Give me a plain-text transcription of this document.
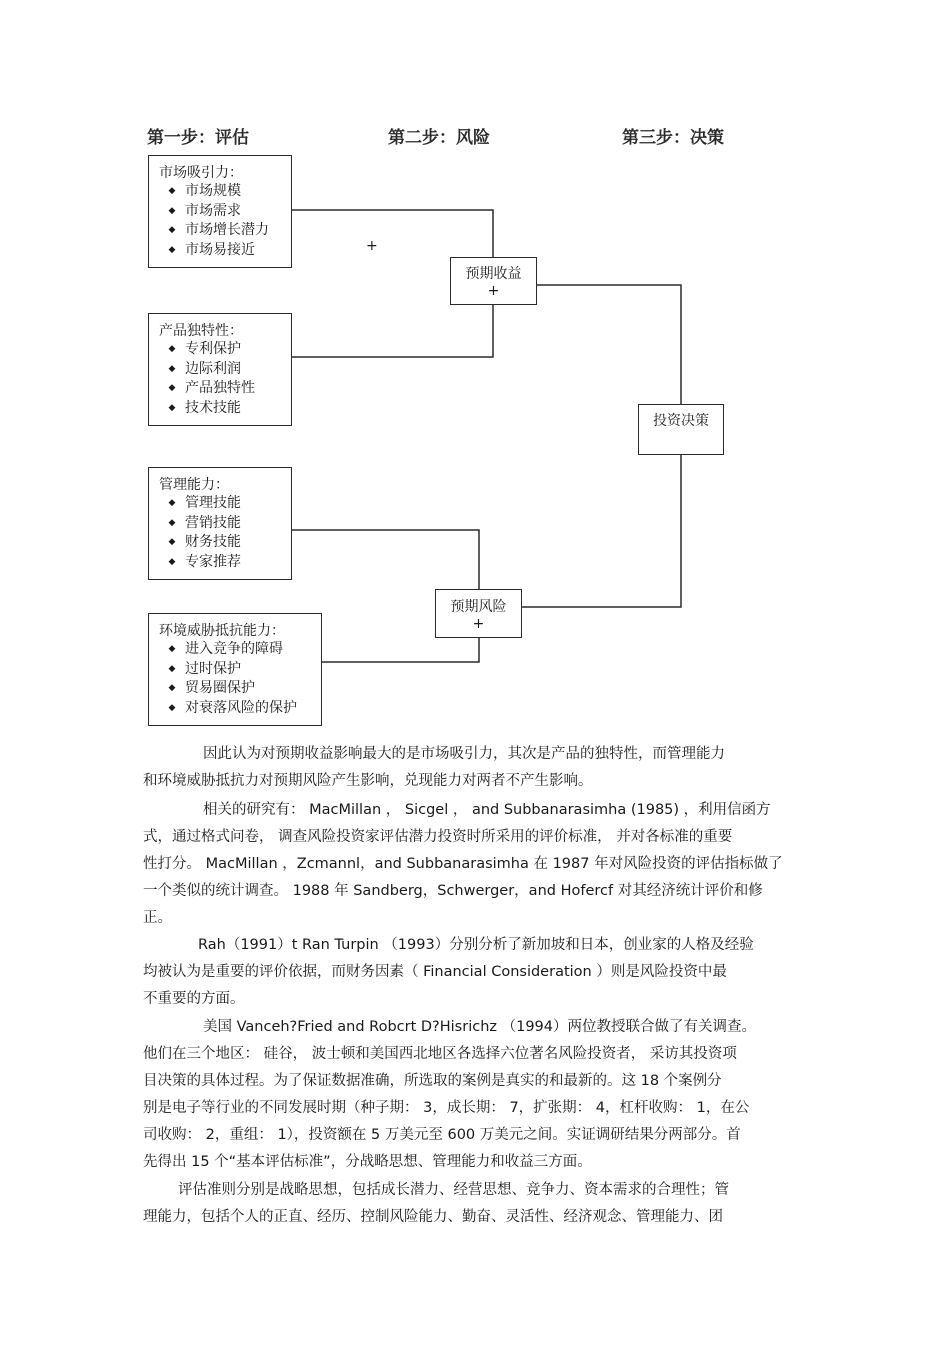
第一步：评估	第二步：风险	第三步：决策
+
市场吸引力：
◆ 市场规模
◆ 市场需求
◆ 市场增长潜力
◆ 市场易接近
产品独特性：
◆ 专利保护
◆ 边际利润
◆ 产品独特性
◆ 技术技能
管理能力：
◆ 管理技能
◆ 营销技能
◆ 财务技能
◆ 专家推荐
环境威胁抵抗能力：
◆ 进入竞争的障碍
◆ 过时保护
◆ 贸易圈保护
◆ 对衰落风险的保护
预期收益
+
投资决策
预期风险
+

因此认为对预期收益影响最大的是市场吸引力，其次是产品的独特性，而管理能力

和环境威胁抵抗力对预期风险产生影响，兑现能力对两者不产生影响。

相关的研究有： MacMillan ， Sicgel ， and Subbanarasimha (1985) ，利用信函方

式，通过格式问卷， 调查风险投资家评估潜力投资时所采用的评价标准， 并对各标准的重要

性打分。 MacMillan ，Zcmannl，and Subbanarasimha 在 1987 年对风险投资的评估指标做了

一个类似的统计调查。 1988 年 Sandberg，Schwerger，and Hofercf 对其经济统计评价和修

正。

Rah（1991）t Ran Turpin （1993）分别分析了新加坡和日本，创业家的人格及经验

均被认为是重要的评价依据，而财务因素（ Financial Consideration ）则是风险投资中最

不重要的方面。

美国 Vanceh?Fried and Robcrt D?Hisrichz （1994）两位教授联合做了有关调查。

他们在三个地区： 硅谷， 波士顿和美国西北地区各选择六位著名风险投资者， 采访其投资项

目决策的具体过程。为了保证数据准确，所选取的案例是真实的和最新的。这 18 个案例分

别是电子等行业的不同发展时期（种子期： 3，成长期： 7，扩张期： 4，杠杆收购： 1，在公

司收购： 2，重组： 1），投资额在 5 万美元至 600 万美元之间。实证调研结果分两部分。首

先得出 15 个“基本评估标准”，分战略思想、管理能力和收益三方面。

评估准则分别是战略思想，包括成长潜力、经营思想、竞争力、资本需求的合理性；管

理能力，包括个人的正直、经历、控制风险能力、勤奋、灵活性、经济观念、管理能力、团
